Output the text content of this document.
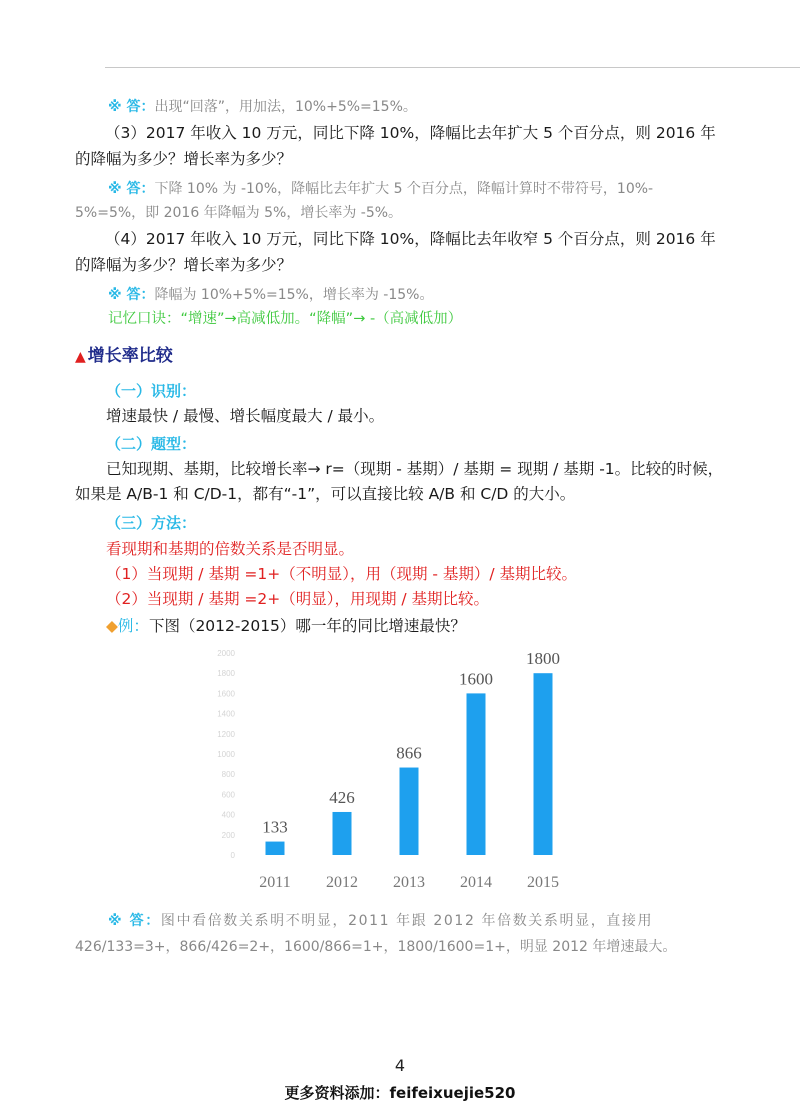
※ 答：出现“回落”，用加法，10%+5%=15%。
（3）2017 年收入 10 万元，同比下降 10%，降幅比去年扩大 5 个百分点，则 2016 年
的降幅为多少？增长率为多少？
※ 答：下降 10% 为 -10%，降幅比去年扩大 5 个百分点，降幅计算时不带符号，10%-
5%=5%，即 2016 年降幅为 5%，增长率为 -5%。
（4）2017 年收入 10 万元，同比下降 10%，降幅比去年收窄 5 个百分点，则 2016 年
的降幅为多少？增长率为多少？
※ 答：降幅为 10%+5%=15%，增长率为 -15%。
记忆口诀：“增速”→高减低加。“降幅”→ -（高减低加）
▲ 增长率比较
（一）识别：
增速最快 / 最慢、增长幅度最大 / 最小。
（二）题型：
已知现期、基期，比较增长率→ r=（现期 - 基期）/ 基期 = 现期 / 基期 -1。比较的时候，
如果是 A/B-1 和 C/D-1，都有“-1”，可以直接比较 A/B 和 C/D 的大小。
（三）方法：
看现期和基期的倍数关系是否明显。
（1）当现期 / 基期 =1+（不明显），用（现期 - 基期）/ 基期比较。
（2）当现期 / 基期 =2+（明显），用现期 / 基期比较。
◆例：下图（2012-2015）哪一年的同比增速最快？
0
200
400
600
800
1000
1200
1400
1600
1800
2000
133
2011
426
2012
866
2013
1600
2014
1800
2015
※ 答：图中看倍数关系明不明显，2011 年跟 2012 年倍数关系明显，直接用
426/133=3+，866/426=2+，1600/866=1+，1800/1600=1+，明显 2012 年增速最大。
4
更多资料添加：feifeixuejie520
